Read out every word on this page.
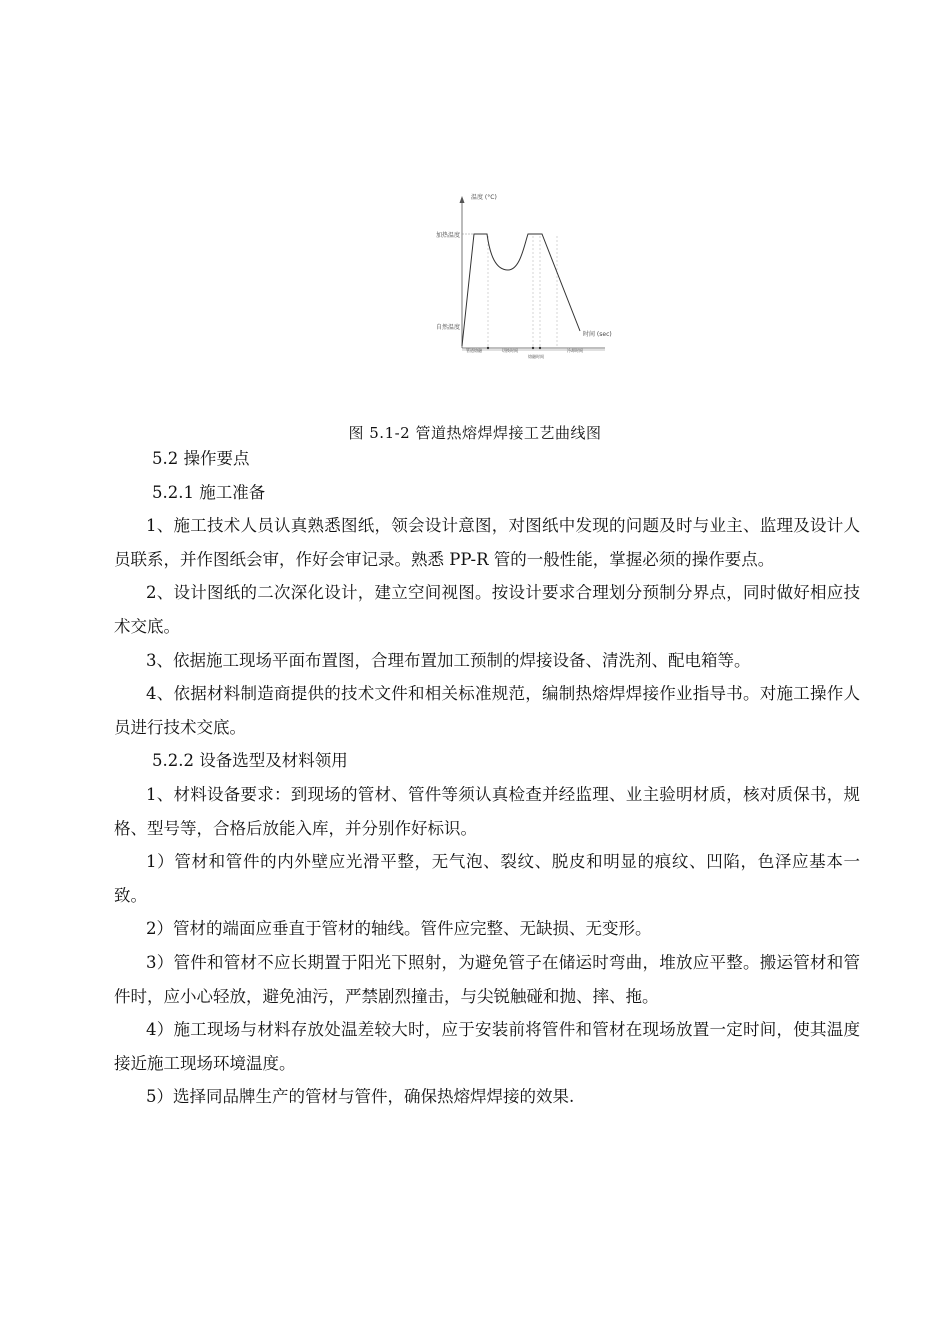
温度 (°C)
加热温度
自然温度
时间 (sec)
管道熔融	切换时间
熔融时间
冷却时间
图 5.1-2 管道热熔焊焊接工艺曲线图

5.2 操作要点

5.2.1 施工准备

1、施工技术人员认真熟悉图纸，领会设计意图，对图纸中发现的问题及时与业主、监理及设计人员联系，并作图纸会审，作好会审记录。熟悉 PP-R 管的一般性能，掌握必须的操作要点。

2、设计图纸的二次深化设计，建立空间视图。按设计要求合理划分预制分界点，同时做好相应技术交底。

3、依据施工现场平面布置图，合理布置加工预制的焊接设备、清洗剂、配电箱等。

4、依据材料制造商提供的技术文件和相关标准规范，编制热熔焊焊接作业指导书。对施工操作人员进行技术交底。

5.2.2 设备选型及材料领用

1、材料设备要求：到现场的管材、管件等须认真检查并经监理、业主验明材质，核对质保书，规格、型号等，合格后放能入库，并分别作好标识。

1）管材和管件的内外壁应光滑平整，无气泡、裂纹、脱皮和明显的痕纹、凹陷，色泽应基本一致。

2）管材的端面应垂直于管材的轴线。管件应完整、无缺损、无变形。

3）管件和管材不应长期置于阳光下照射，为避免管子在储运时弯曲，堆放应平整。搬运管材和管件时，应小心轻放，避免油污，严禁剧烈撞击，与尖锐触碰和抛、摔、拖。

4）施工现场与材料存放处温差较大时，应于安装前将管件和管材在现场放置一定时间，使其温度接近施工现场环境温度。

5）选择同品牌生产的管材与管件，确保热熔焊焊接的效果.
